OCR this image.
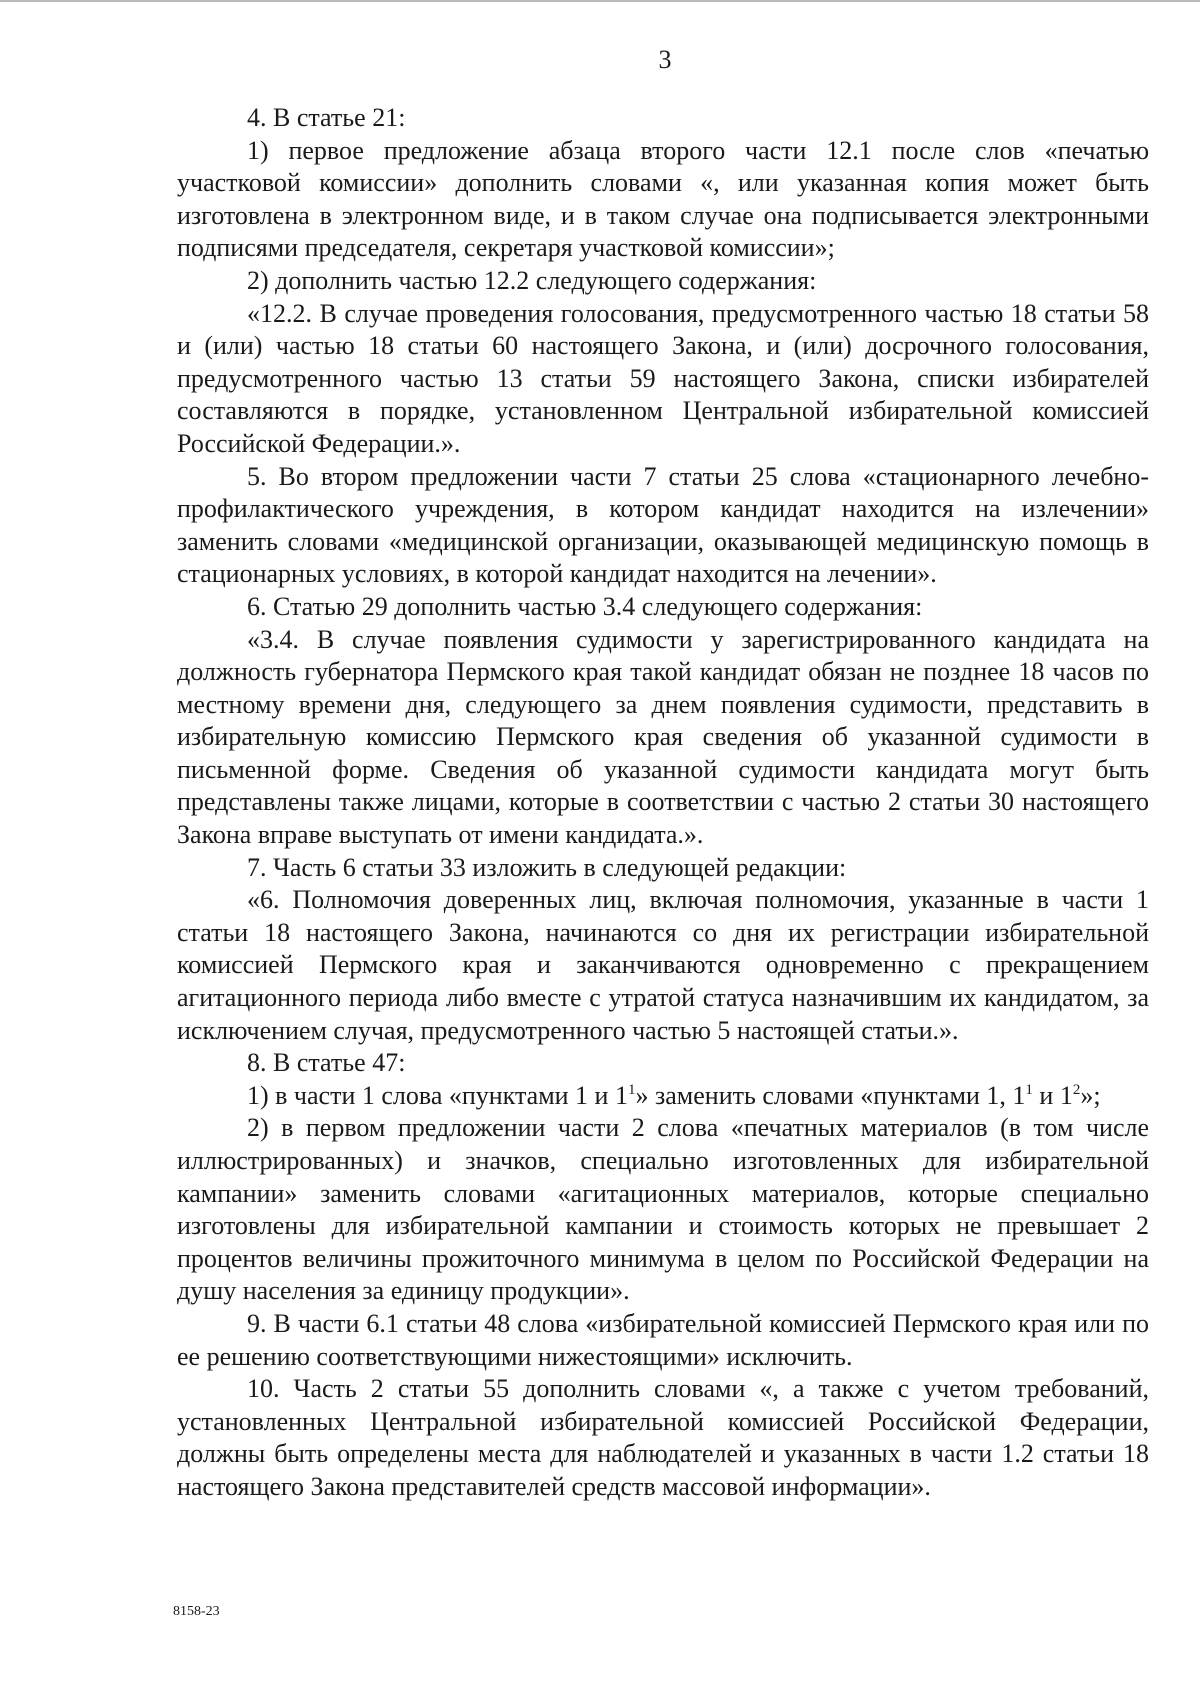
3

4. В статье 21:

1) первое предложение абзаца второго части 12.1 после слов «печатью участковой комиссии» дополнить словами «, или указанная копия может быть изготовлена в электронном виде, и в таком случае она подписывается электронными подписями председателя, секретаря участковой комиссии»;

2) дополнить частью 12.2 следующего содержания:

«12.2. В случае проведения голосования, предусмотренного частью 18 статьи 58 и (или) частью 18 статьи 60 настоящего Закона, и (или) досрочного голосования, предусмотренного частью 13 статьи 59 настоящего Закона, списки избирателей составляются в порядке, установленном Центральной избирательной комиссией Российской Федерации.».

5. Во втором предложении части 7 статьи 25 слова «стационарного лечебно-профилактического учреждения, в котором кандидат находится на излечении» заменить словами «медицинской организации, оказывающей медицинскую помощь в стационарных условиях, в которой кандидат находится на лечении».

6. Статью 29 дополнить частью 3.4 следующего содержания:

«3.4. В случае появления судимости у зарегистрированного кандидата на должность губернатора Пермского края такой кандидат обязан не позднее 18 часов по местному времени дня, следующего за днем появления судимости, представить в избирательную комиссию Пермского края сведения об указанной судимости в письменной форме. Сведения об указанной судимости кандидата могут быть представлены также лицами, которые в соответствии с частью 2 статьи 30 настоящего Закона вправе выступать от имени кандидата.».

7. Часть 6 статьи 33 изложить в следующей редакции:

«6. Полномочия доверенных лиц, включая полномочия, указанные в части 1 статьи 18 настоящего Закона, начинаются со дня их регистрации избирательной комиссией Пермского края и заканчиваются одновременно с прекращением агитационного периода либо вместе с утратой статуса назначившим их кандидатом, за исключением случая, предусмотренного частью 5 настоящей статьи.».

8. В статье 47:

1) в части 1 слова «пунктами 1 и $1^1$» заменить словами «пунктами 1, $1^1$ и $1^2$»;

2) в первом предложении части 2 слова «печатных материалов (в том числе иллюстрированных) и значков, специально изготовленных для избирательной кампании» заменить словами «агитационных материалов, которые специально изготовлены для избирательной кампании и стоимость которых не превышает 2 процентов величины прожиточного минимума в целом по Российской Федерации на душу населения за единицу продукции».

9. В части 6.1 статьи 48 слова «избирательной комиссией Пермского края или по ее решению соответствующими нижестоящими» исключить.

10. Часть 2 статьи 55 дополнить словами «, а также с учетом требований, установленных Центральной избирательной комиссией Российской Федерации, должны быть определены места для наблюдателей и указанных в части 1.2 статьи 18 настоящего Закона представителей средств массовой информации».

8158-23
